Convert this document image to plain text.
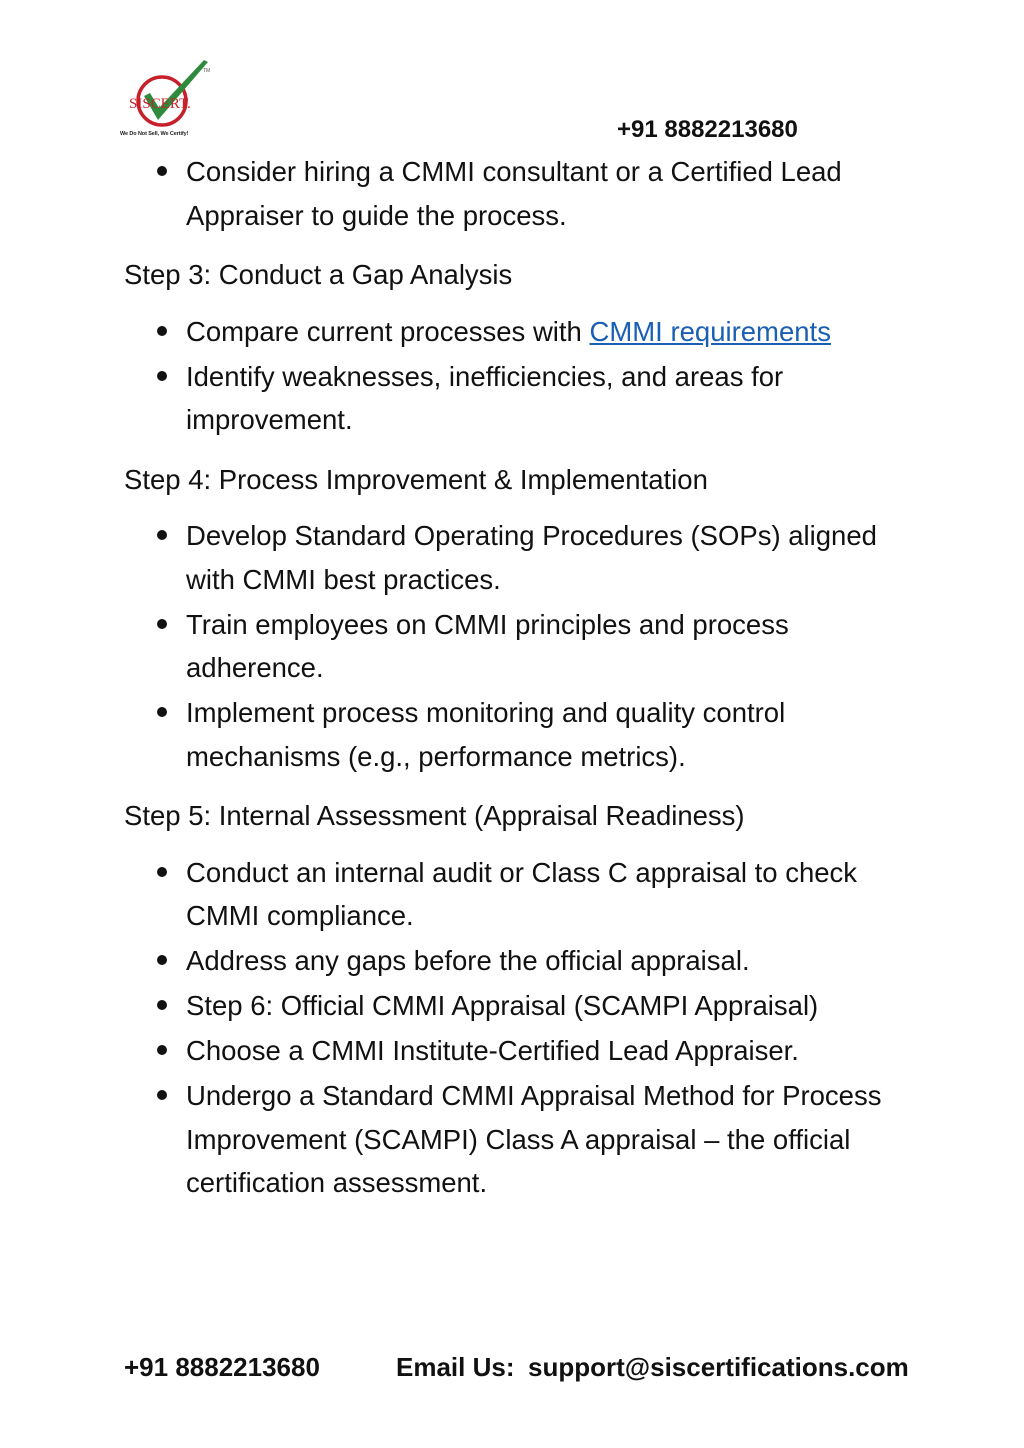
SISCERT.
TM
We Do Not Sell, We Certify!	+91 8882213680
Consider hiring a CMMI consultant or a Certified Lead Appraiser to guide the process.
Step 3: Conduct a Gap Analysis
Compare current processes with CMMI requirements
Identify weaknesses, inefficiencies, and areas for improvement.
Step 4: Process Improvement & Implementation
Develop Standard Operating Procedures (SOPs) aligned with CMMI best practices.
Train employees on CMMI principles and process adherence.
Implement process monitoring and quality control mechanisms (e.g., performance metrics).
Step 5: Internal Assessment (Appraisal Readiness)
Conduct an internal audit or Class C appraisal to check CMMI compliance.
Address any gaps before the official appraisal.
Step 6: Official CMMI Appraisal (SCAMPI Appraisal)
Choose a CMMI Institute-Certified Lead Appraiser.
Undergo a Standard CMMI Appraisal Method for Process Improvement (SCAMPI) Class A appraisal – the official certification assessment.
+91 8882213680	Email Us: support@siscertifications.com
